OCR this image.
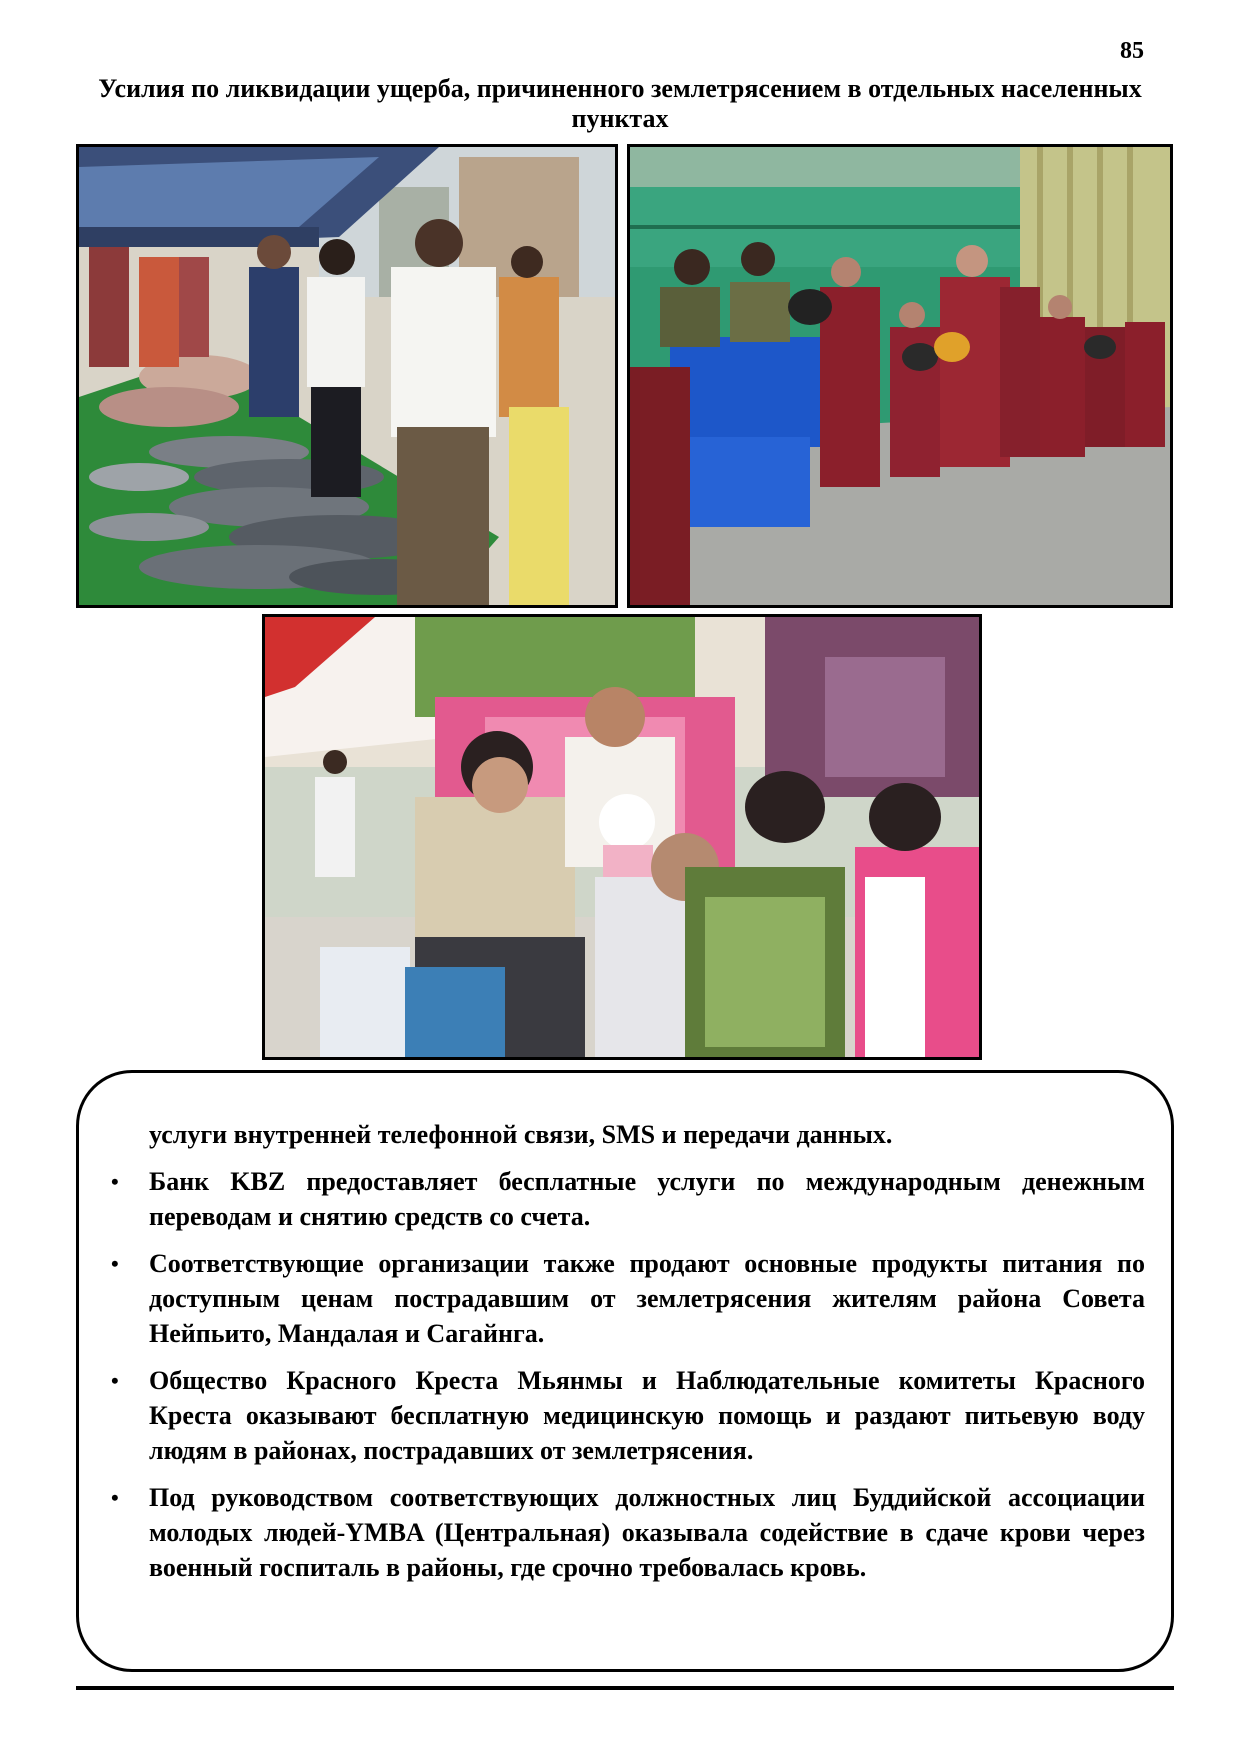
85
Усилия по ликвидации ущерба, причиненного землетрясением в отдельных населенных пунктах

услуги внутренней телефонной связи, SMS и передачи данных.

• Банк KBZ предоставляет бесплатные услуги по международным денежным переводам и снятию средств со счета.
• Соответствующие организации также продают основные продукты питания по доступным ценам пострадавшим от землетрясения жителям района Совета Нейпьито, Мандалая и Сагайнга.
• Общество Красного Креста Мьянмы и Наблюдательные комитеты Красного Креста оказывают бесплатную медицинскую помощь и раздают питьевую воду людям в районах, пострадавших от землетрясения.
• Под руководством соответствующих должностных лиц Буддийской ассоциации молодых людей-YMBA (Центральная) оказывала содействие в сдаче крови через военный госпиталь в районы, где срочно требовалась кровь.
